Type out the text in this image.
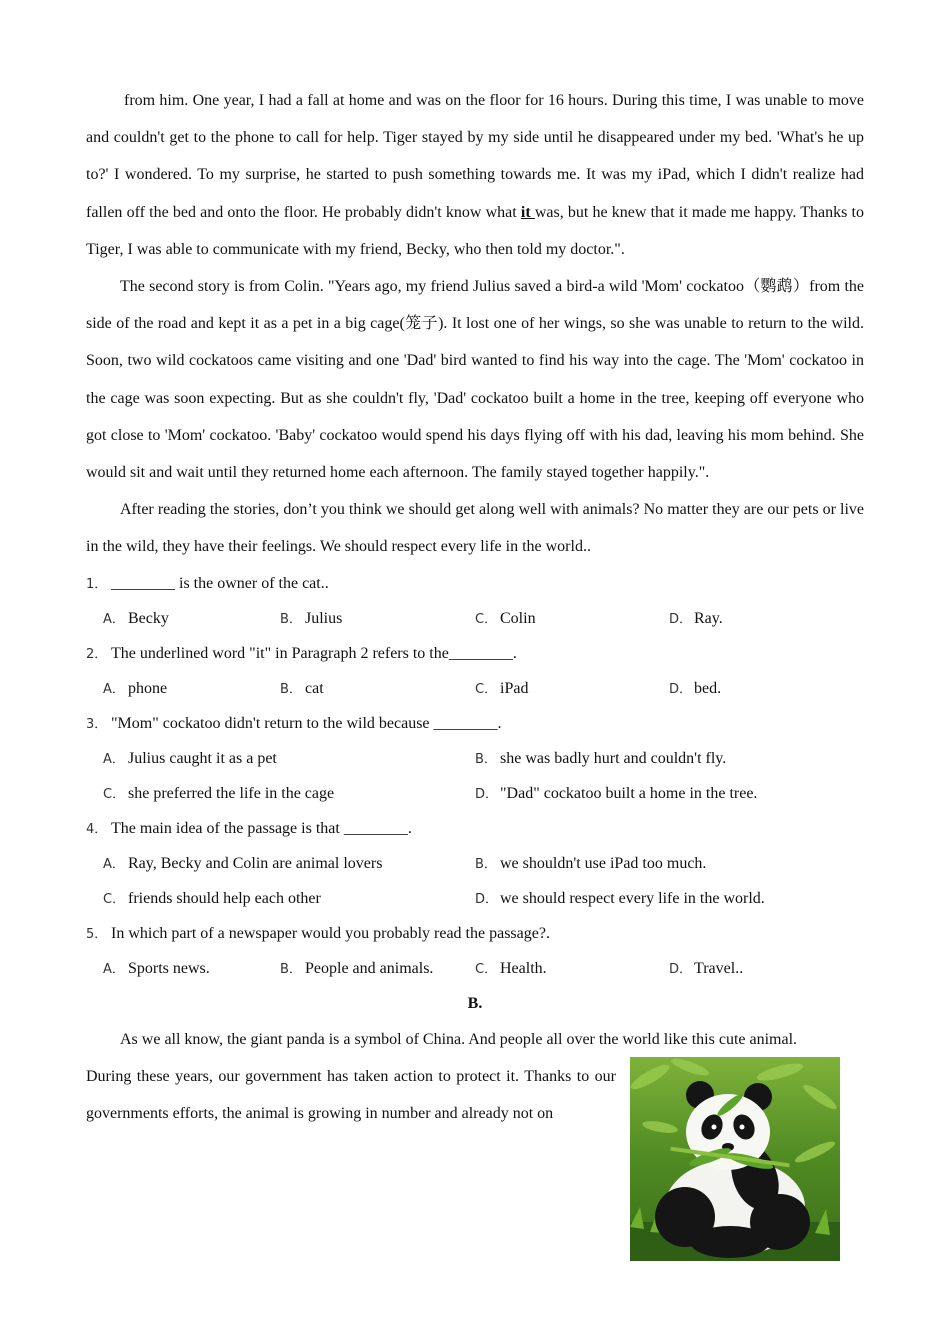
from him. One year, I had a fall at home and was on the floor for 16 hours. During this time, I was unable to move and couldn't get to the phone to call for help. Tiger stayed by my side until he disappeared under my bed. 'What's he up to?' I wondered. To my surprise, he started to push something towards me. It was my iPad, which I didn't realize had fallen off the bed and onto the floor. He probably didn't know what it was, but he knew that it made me happy. Thanks to Tiger, I was able to communicate with my friend, Becky, who then told my doctor.".

The second story is from Colin. "Years ago, my friend Julius saved a bird-a wild 'Mom' cockatoo（鹦鹉）from the side of the road and kept it as a pet in a big cage(笼子). It lost one of her wings, so she was unable to return to the wild. Soon, two wild cockatoos came visiting and one 'Dad' bird wanted to find his way into the cage. The 'Mom' cockatoo in the cage was soon expecting. But as she couldn't fly, 'Dad' cockatoo built a home in the tree, keeping off everyone who got close to 'Mom' cockatoo. 'Baby' cockatoo would spend his days flying off with his dad, leaving his mom behind. She would sit and wait until they returned home each afternoon. The family stayed together happily.".

After reading the stories, don’t you think we should get along well with animals? No matter they are our pets or live in the wild, they have their feelings. We should respect every life in the world..

1． ________ is the owner of the cat..
A． Becky	B． Julius	C． Colin	D． Ray.
2． The underlined word "it" in Paragraph 2 refers to the________.
A． phone	B． cat	C． iPad	D． bed.
3． "Mom" cockatoo didn't return to the wild because ________.
A． Julius caught it as a pet	B． she was badly hurt and couldn't fly.
C． she preferred the life in the cage	D． "Dad" cockatoo built a home in the tree.
4． The main idea of the passage is that ________.
A． Ray, Becky and Colin are animal lovers	B． we shouldn't use iPad too much.
C． friends should help each other	D． we should respect every life in the world.
5． In which part of a newspaper would you probably read the passage?.
A． Sports news.	B． People and animals.	C． Health.	D． Travel..
B.

As we all know, the giant panda is a symbol of China. And people all over the world like this cute animal.

During these years, our government has taken action to protect it. Thanks to our governments efforts, the animal is growing in number and already not on
